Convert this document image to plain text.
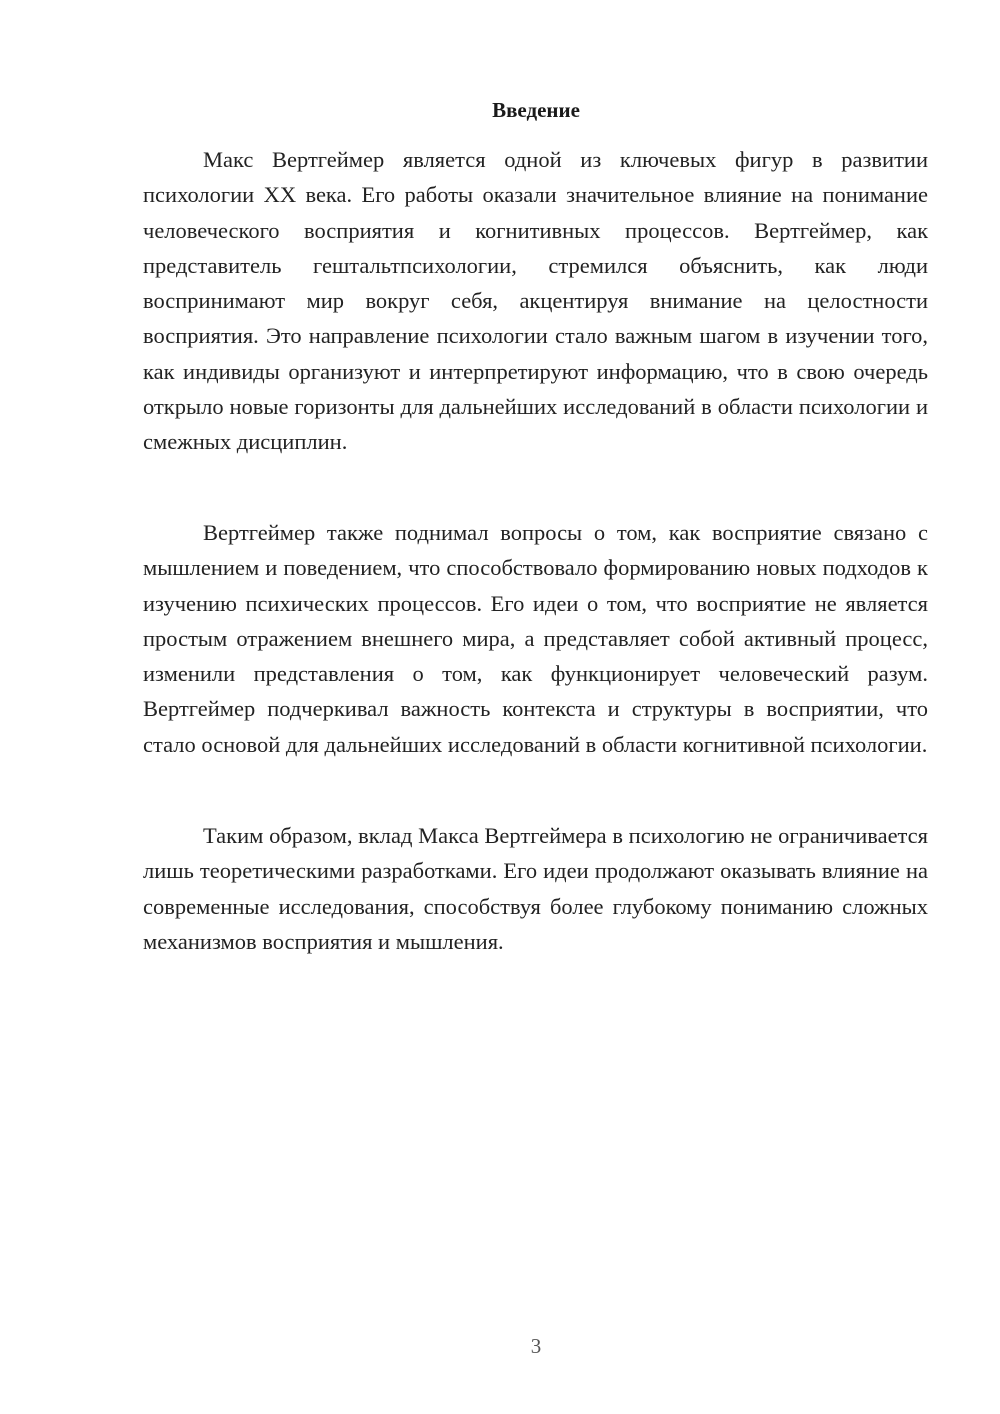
Введение

Макс Вертгеймер является одной из ключевых фигур в развитии психологии XX века. Его работы оказали значительное влияние на понимание человеческого восприятия и когнитивных процессов. Вертгеймер, как представитель гештальтпсихологии, стремился объяснить, как люди воспринимают мир вокруг себя, акцентируя внимание на целостности восприятия. Это направление психологии стало важным шагом в изучении того, как индивиды организуют и интерпретируют информацию, что в свою очередь открыло новые горизонты для дальнейших исследований в области психологии и смежных дисциплин.

Вертгеймер также поднимал вопросы о том, как восприятие связано с мышлением и поведением, что способствовало формированию новых подходов к изучению психических процессов. Его идеи о том, что восприятие не является простым отражением внешнего мира, а представляет собой активный процесс, изменили представления о том, как функционирует человеческий разум. Вертгеймер подчеркивал важность контекста и структуры в восприятии, что стало основой для дальнейших исследований в области когнитивной психологии.

Таким образом, вклад Макса Вертгеймера в психологию не ограничивается лишь теоретическими разработками. Его идеи продолжают оказывать влияние на современные исследования, способствуя более глубокому пониманию сложных механизмов восприятия и мышления.

3
